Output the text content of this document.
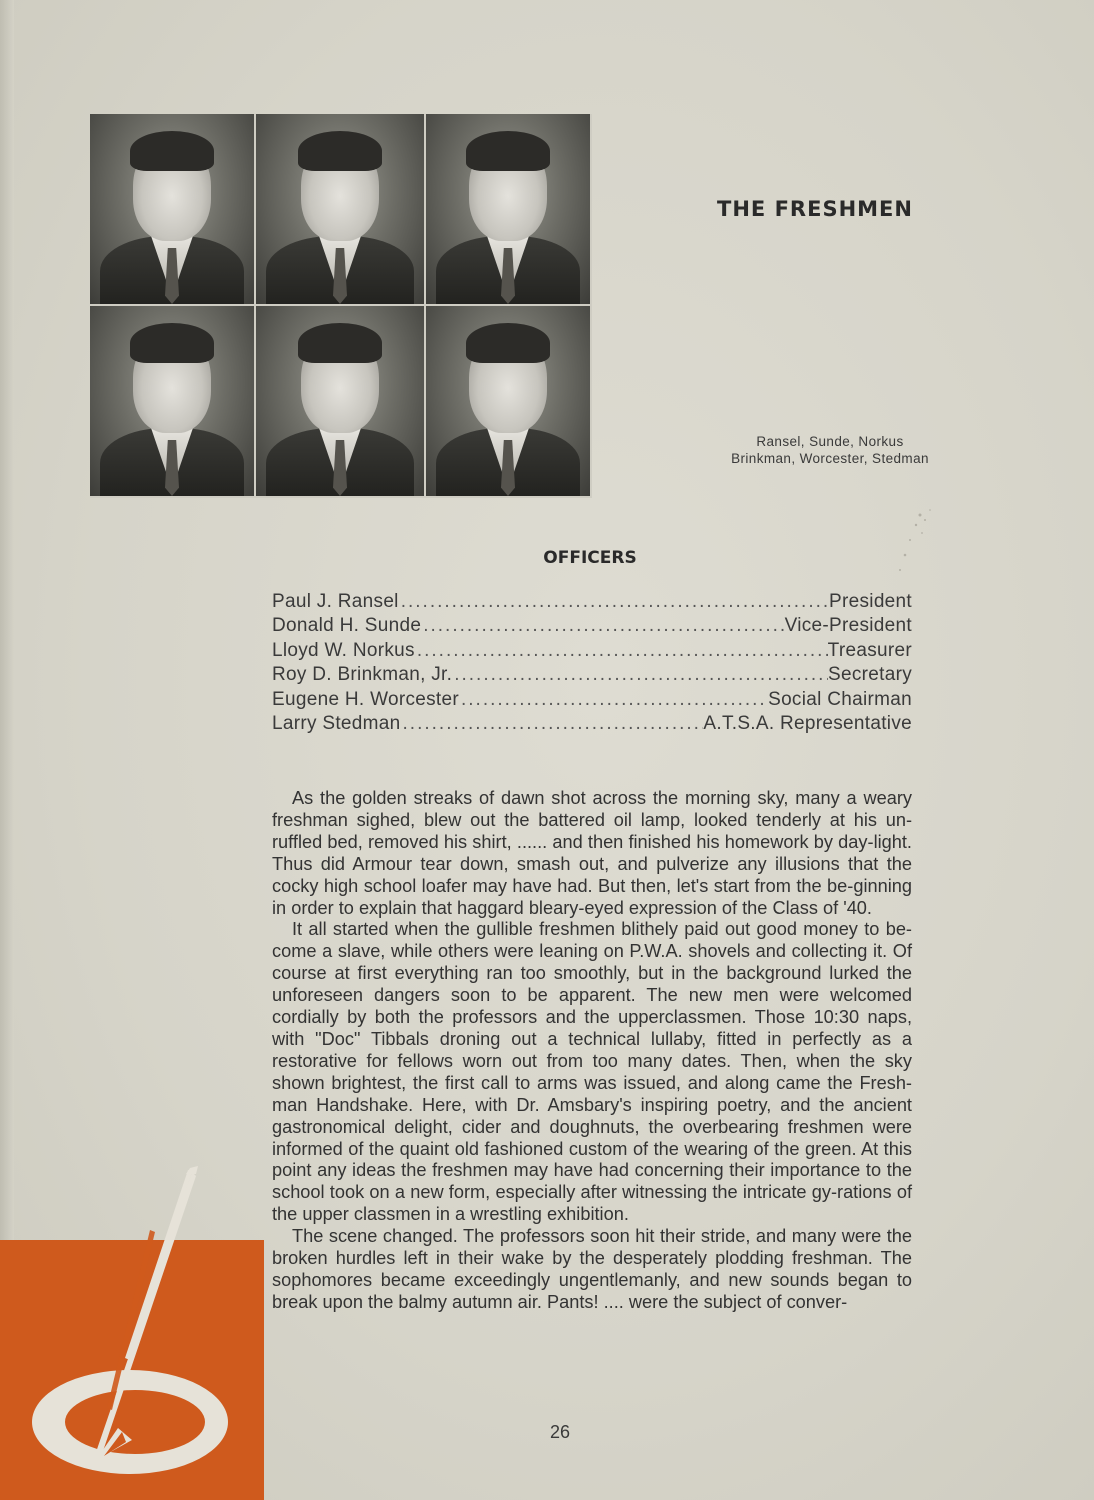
THE FRESHMEN
Ransel, Sunde, Norkus
Brinkman, Worcester, Stedman
OFFICERS
Paul J. Ransel .....	President
Donald H. Sunde .....	Vice-President
Lloyd W. Norkus .....	Treasurer
Roy D. Brinkman, Jr. .....	Secretary
Eugene H. Worcester .....	Social Chairman
Larry Stedman .....	A.T.S.A. Representative

As the golden streaks of dawn shot across the morning sky, many a weary freshman sighed, blew out the battered oil lamp, looked tenderly at his un-ruffled bed, removed his shirt, ...... and then finished his homework by day-light. Thus did Armour tear down, smash out, and pulverize any illusions that the cocky high school loafer may have had. But then, let's start from the be-ginning in order to explain that haggard bleary-eyed expression of the Class of '40.

It all started when the gullible freshmen blithely paid out good money to be-come a slave, while others were leaning on P.W.A. shovels and collecting it. Of course at first everything ran too smoothly, but in the background lurked the unforeseen dangers soon to be apparent. The new men were welcomed cordially by both the professors and the upperclassmen. Those 10:30 naps, with "Doc" Tibbals droning out a technical lullaby, fitted in perfectly as a restorative for fellows worn out from too many dates. Then, when the sky shown brightest, the first call to arms was issued, and along came the Fresh-man Handshake. Here, with Dr. Amsbary's inspiring poetry, and the ancient gastronomical delight, cider and doughnuts, the overbearing freshmen were informed of the quaint old fashioned custom of the wearing of the green. At this point any ideas the freshmen may have had concerning their importance to the school took on a new form, especially after witnessing the intricate gy-rations of the upper classmen in a wrestling exhibition.

The scene changed. The professors soon hit their stride, and many were the broken hurdles left in their wake by the desperately plodding freshman. The sophomores became exceedingly ungentlemanly, and new sounds began to break upon the balmy autumn air. Pants! .... were the subject of conver-

26
